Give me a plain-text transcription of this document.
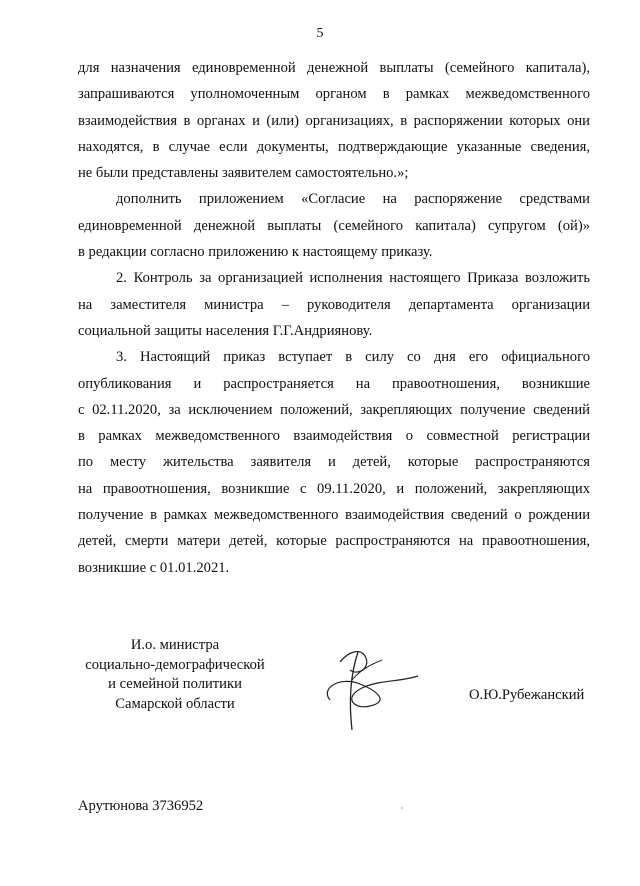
5
для назначения единовременной денежной выплаты (семейного капитала),
запрашиваются уполномоченным органом в рамках межведомственного
взаимодействия в органах и (или) организациях, в распоряжении которых они
находятся, в случае если документы, подтверждающие указанные сведения,
не были представлены заявителем самостоятельно.»;
дополнить приложением «Согласие на распоряжение средствами
единовременной денежной выплаты (семейного капитала) супругом (ой)»
в редакции согласно приложению к настоящему приказу.
2. Контроль за организацией исполнения настоящего Приказа возложить
на заместителя министра – руководителя департамента организации
социальной защиты населения Г.Г.Андриянову.
3. Настоящий приказ вступает в силу со дня его официального
опубликования и распространяется на правоотношения, возникшие
с 02.11.2020, за исключением положений, закрепляющих получение сведений
в рамках межведомственного взаимодействия о совместной регистрации
по месту жительства заявителя и детей, которые распространяются
на правоотношения, возникшие с 09.11.2020, и положений, закрепляющих
получение в рамках межведомственного взаимодействия сведений о рождении
детей, смерти матери детей, которые распространяются на правоотношения,
возникшие с 01.01.2021.
И.о. министра
социально-демографической
и семейной политики
Самарской области
О.Ю.Рубежанский
Арутюнова 3736952
